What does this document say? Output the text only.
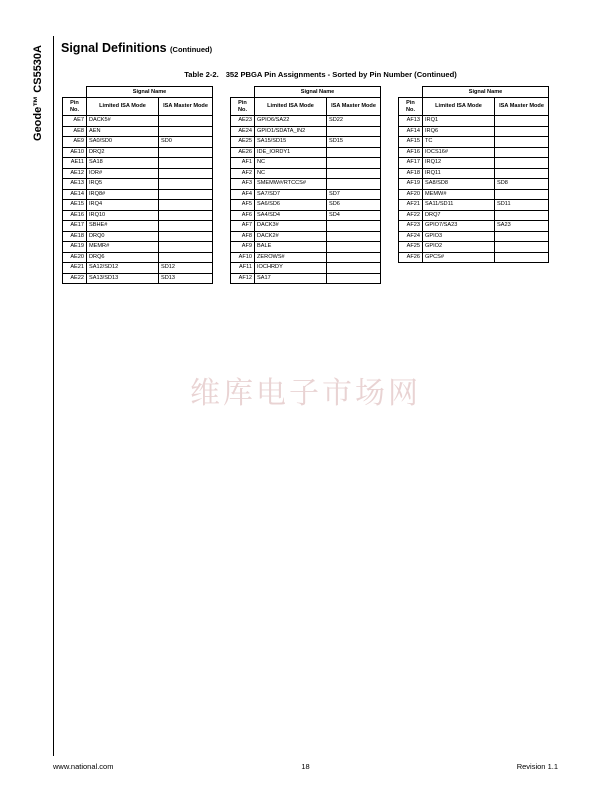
Geode™ CS5530A Signal Definitions (Continued)
Table 2-2. 352 PBGA Pin Assignments - Sorted by Pin Number (Continued)
	Signal Name	
Pin No.	Limited ISA Mode	ISA Master Mode
AE7	DACK5#	
AE8	AEN	
AE9	SA0/SD0	SD0
AE10	DRQ2	
AE11	SA18	
AE12	IOR#	
AE13	IRQ5	
AE14	IRQ8#	
AE15	IRQ4	
AE16	IRQ10	
AE17	SBHE#	
AE18	DRQ0	
AE19	MEMR#	
AE20	DRQ6	
AE21	SA12/SD12	SD12
AE22	SA13/SD13	SD13
	Signal Name	
Pin No.	Limited ISA Mode	ISA Master Mode
AE23	GPIO6/SA22	SD22
AE24	GPIO1/SDATA_IN2	
AE25	SA15/SD15	SD15
AE26	IDE_IORDY1	
AF1	NC	
AF2	NC	
AF3	SMEMW#/RTCCS#	
AF4	SA7/SD7	SD7
AF5	SA6/SD6	SD6
AF6	SA4/SD4	SD4
AF7	DACK3#	
AF8	DACK2#	
AF9	BALE	
AF10	ZEROWS#	
AF11	IOCHRDY	
AF12	SA17	
	Signal Name	
Pin No.	Limited ISA Mode	ISA Master Mode
AF13	IRQ1	
AF14	IRQ6	
AF15	TC	
AF16	IOCS16#	
AF17	IRQ12	
AF18	IRQ11	
AF19	SA8/SD8	SD8
AF20	MEMW#	
AF21	SA11/SD11	SD11
AF22	DRQ7	
AF23	GPIO7/SA23	SA23
AF24	GPIO3	
AF25	GPIO2	
AF26	GPCS#	
维库电子市场网
www.national.com	18	Revision 1.1
